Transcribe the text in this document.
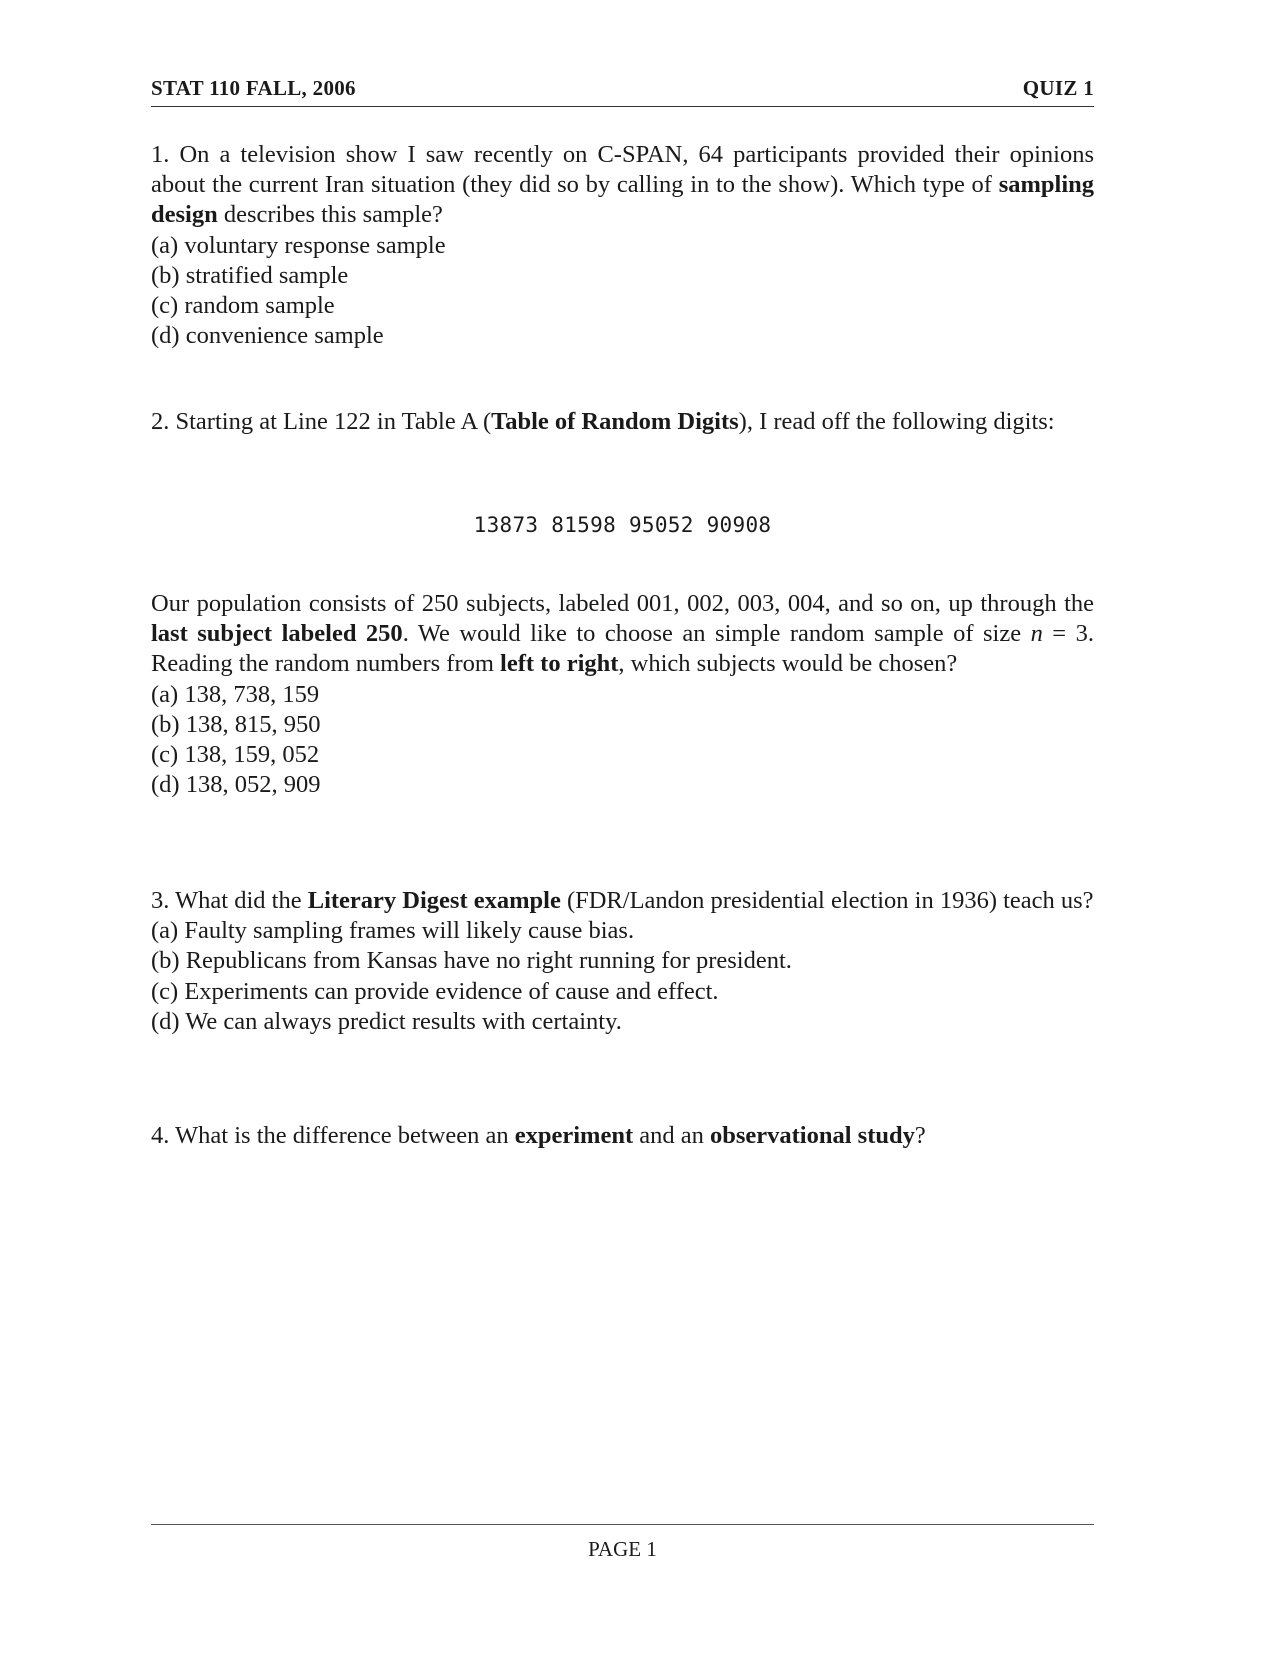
STAT 110 FALL, 2006	QUIZ 1

1. On a television show I saw recently on C-SPAN, 64 participants provided their opinions about the current Iran situation (they did so by calling in to the show). Which type of sampling design describes this sample?

(a) voluntary response sample

(b) stratified sample

(c) random sample

(d) convenience sample

2. Starting at Line 122 in Table A (Table of Random Digits), I read off the following digits:

13873 81598 95052 90908

Our population consists of 250 subjects, labeled 001, 002, 003, 004, and so on, up through the last subject labeled 250. We would like to choose an simple random sample of size n = 3. Reading the random numbers from left to right, which subjects would be chosen?

(a) 138, 738, 159

(b) 138, 815, 950

(c) 138, 159, 052

(d) 138, 052, 909

3. What did the Literary Digest example (FDR/Landon presidential election in 1936) teach us?

(a) Faulty sampling frames will likely cause bias.

(b) Republicans from Kansas have no right running for president.

(c) Experiments can provide evidence of cause and effect.

(d) We can always predict results with certainty.

4. What is the difference between an experiment and an observational study?

PAGE 1
